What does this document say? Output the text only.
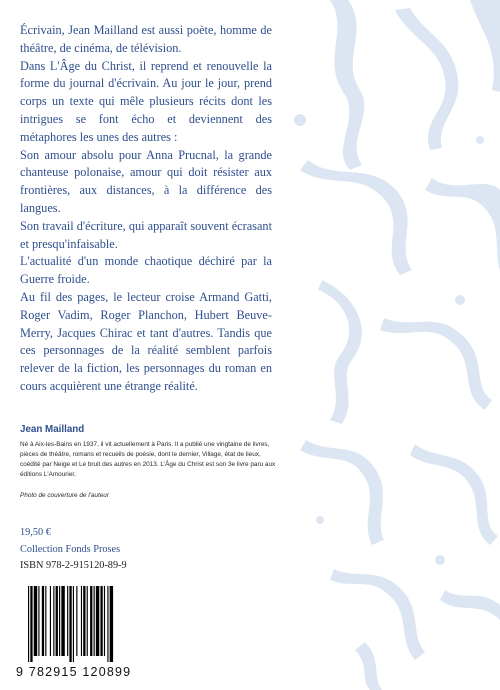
Écrivain, Jean Mailland est aussi poète, homme de théâtre, de cinéma, de télévision.

Dans L'Âge du Christ, il reprend et renouvelle la forme du journal d'écrivain. Au jour le jour, prend corps un texte qui mêle plusieurs récits dont les intrigues se font écho et deviennent des métaphores les unes des autres :

Son amour absolu pour Anna Prucnal, la grande chanteuse polonaise, amour qui doit résister aux frontières, aux distances, à la différence des langues.

Son travail d'écriture, qui apparaît souvent écrasant et presqu'infaisable.

L'actualité d'un monde chaotique déchiré par la Guerre froide.

Au fil des pages, le lecteur croise Armand Gatti, Roger Vadim, Roger Planchon, Hubert Beuve-Merry, Jacques Chirac et tant d'autres. Tandis que ces personnages de la réalité semblent parfois relever de la fiction, les personnages du roman en cours acquièrent une étrange réalité.

Jean Mailland
Né à Aix-les-Bains en 1937, il vit actuellement à Paris. Il a publié une vingtaine de livres, pièces de théâtre, romans et recueils de poésie, dont le dernier, Village, état de lieux, coédité par Neige et Le bruit des autres en 2013. L'Âge du Christ est son 3e livre paru aux éditions L'Amourier.
Photo de couverture de l'auteur
19,50 €
Collection Fonds Proses
ISBN 978-2-915120-89-9
9 782915 120899
